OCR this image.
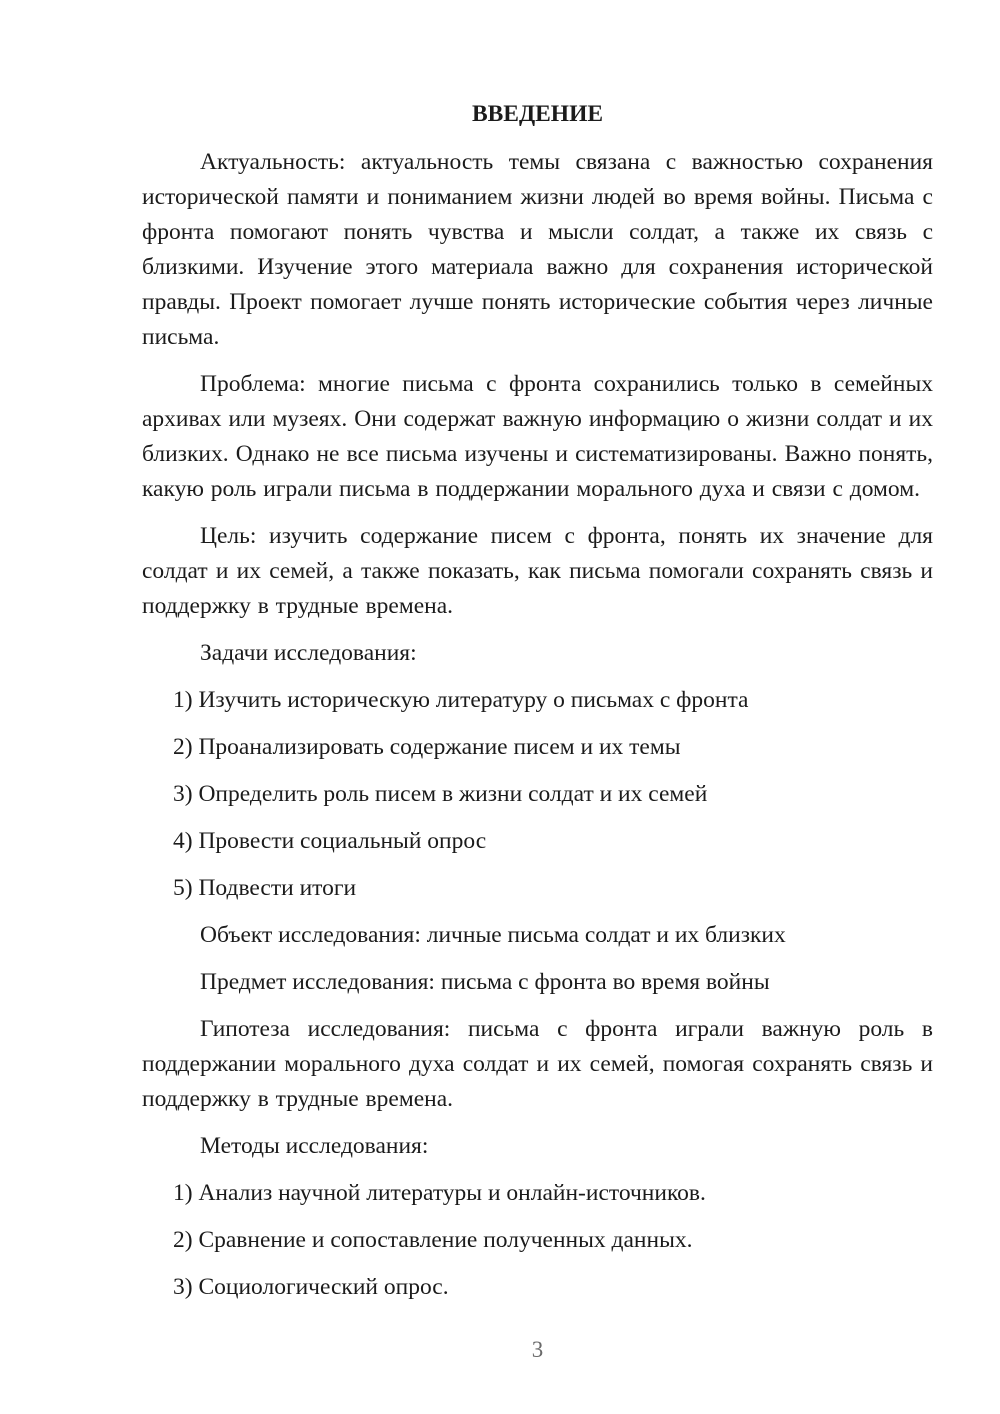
ВВЕДЕНИЕ

Актуальность: актуальность темы связана с важностью сохранения исторической памяти и пониманием жизни людей во время войны. Письма с фронта помогают понять чувства и мысли солдат, а также их связь с близкими. Изучение этого материала важно для сохранения исторической правды. Проект помогает лучше понять исторические события через личные письма.

Проблема: многие письма с фронта сохранились только в семейных архивах или музеях. Они содержат важную информацию о жизни солдат и их близких. Однако не все письма изучены и систематизированы. Важно понять, какую роль играли письма в поддержании морального духа и связи с домом.

Цель: изучить содержание писем с фронта, понять их значение для солдат и их семей, а также показать, как письма помогали сохранять связь и поддержку в трудные времена.

Задачи исследования:

1) Изучить историческую литературу о письмах с фронта

2) Проанализировать содержание писем и их темы

3) Определить роль писем в жизни солдат и их семей

4) Провести социальный опрос

5) Подвести итоги

Объект исследования: личные письма солдат и их близких

Предмет исследования: письма с фронта во время войны

Гипотеза исследования: письма с фронта играли важную роль в поддержании морального духа солдат и их семей, помогая сохранять связь и поддержку в трудные времена.

Методы исследования:

1) Анализ научной литературы и онлайн-источников.

2) Сравнение и сопоставление полученных данных.

3) Социологический опрос.

3
